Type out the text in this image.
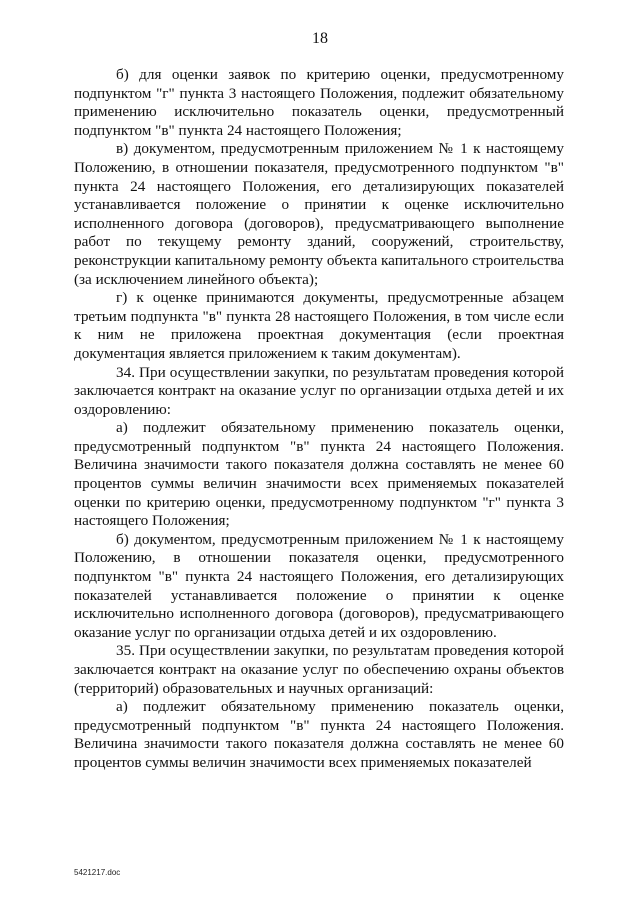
18

б) для оценки заявок по критерию оценки, предусмотренному подпунктом "г" пункта 3 настоящего Положения, подлежит обязательному применению исключительно показатель оценки, предусмотренный подпунктом "в" пункта 24 настоящего Положения;

в) документом, предусмотренным приложением № 1 к настоящему Положению, в отношении показателя, предусмотренного подпунктом "в" пункта 24 настоящего Положения, его детализирующих показателей устанавливается положение о принятии к оценке исключительно исполненного договора (договоров), предусматривающего выполнение работ по текущему ремонту зданий, сооружений, строительству, реконструкции капитальному ремонту объекта капитального строительства (за исключением линейного объекта);

г) к оценке принимаются документы, предусмотренные абзацем третьим подпункта "в" пункта 28 настоящего Положения, в том числе если к ним не приложена проектная документация (если проектная документация является приложением к таким документам).

34. При осуществлении закупки, по результатам проведения которой заключается контракт на оказание услуг по организации отдыха детей и их оздоровлению:

а) подлежит обязательному применению показатель оценки, предусмотренный подпунктом "в" пункта 24 настоящего Положения. Величина значимости такого показателя должна составлять не менее 60 процентов суммы величин значимости всех применяемых показателей оценки по критерию оценки, предусмотренному подпунктом "г" пункта 3 настоящего Положения;

б) документом, предусмотренным приложением № 1 к настоящему Положению, в отношении показателя оценки, предусмотренного подпунктом "в" пункта 24 настоящего Положения, его детализирующих показателей устанавливается положение о принятии к оценке исключительно исполненного договора (договоров), предусматривающего оказание услуг по организации отдыха детей и их оздоровлению.

35. При осуществлении закупки, по результатам проведения которой заключается контракт на оказание услуг по обеспечению охраны объектов (территорий) образовательных и научных организаций:

а) подлежит обязательному применению показатель оценки, предусмотренный подпунктом "в" пункта 24 настоящего Положения. Величина значимости такого показателя должна составлять не менее 60 процентов суммы величин значимости всех применяемых показателей

5421217.doc
